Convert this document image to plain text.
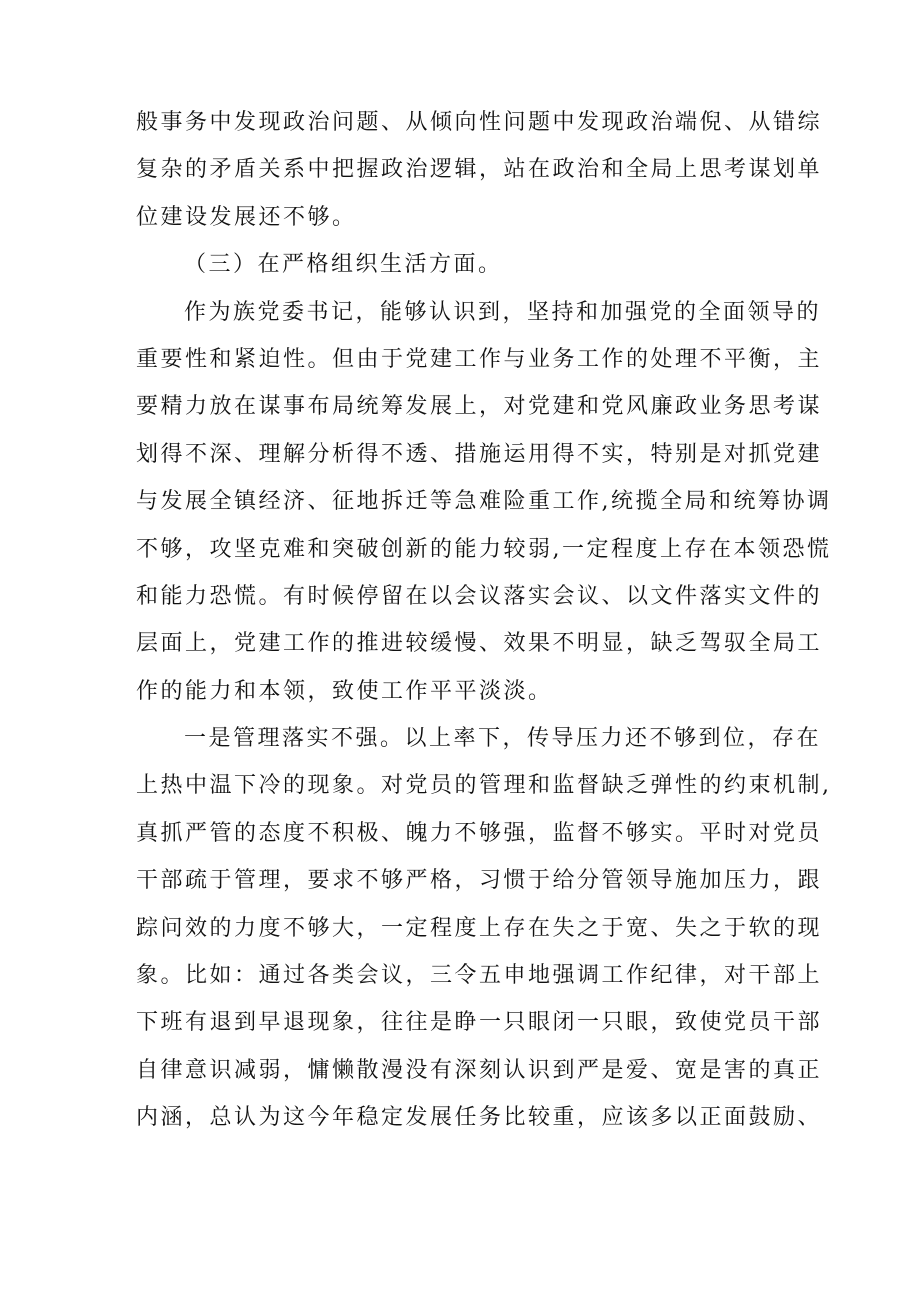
般事务中发现政治问题、从倾向性问题中发现政治端倪、从错综
复杂的矛盾关系中把握政治逻辑，站在政治和全局上思考谋划单
位建设发展还不够。
（三）在严格组织生活方面。
作为族党委书记，能够认识到，坚持和加强党的全面领导的
重要性和紧迫性。但由于党建工作与业务工作的处理不平衡，主
要精力放在谋事布局统筹发展上，对党建和党风廉政业务思考谋
划得不深、理解分析得不透、措施运用得不实，特别是对抓党建
与发展全镇经济、征地拆迁等急难险重工作,统揽全局和统筹协调
不够，攻坚克难和突破创新的能力较弱,一定程度上存在本领恐慌
和能力恐慌。有时候停留在以会议落实会议、以文件落实文件的
层面上，党建工作的推进较缓慢、效果不明显，缺乏驾驭全局工
作的能力和本领，致使工作平平淡淡。
一是管理落实不强。以上率下，传导压力还不够到位，存在
上热中温下冷的现象。对党员的管理和监督缺乏弹性的约束机制,
真抓严管的态度不积极、魄力不够强，监督不够实。平时对党员
干部疏于管理，要求不够严格，习惯于给分管领导施加压力，跟
踪问效的力度不够大，一定程度上存在失之于宽、失之于软的现
象。比如：通过各类会议，三令五申地强调工作纪律，对干部上
下班有退到早退现象，往往是睁一只眼闭一只眼，致使党员干部
自律意识减弱，慵懒散漫没有深刻认识到严是爱、宽是害的真正
内涵，总认为这今年稳定发展任务比较重，应该多以正面鼓励、
